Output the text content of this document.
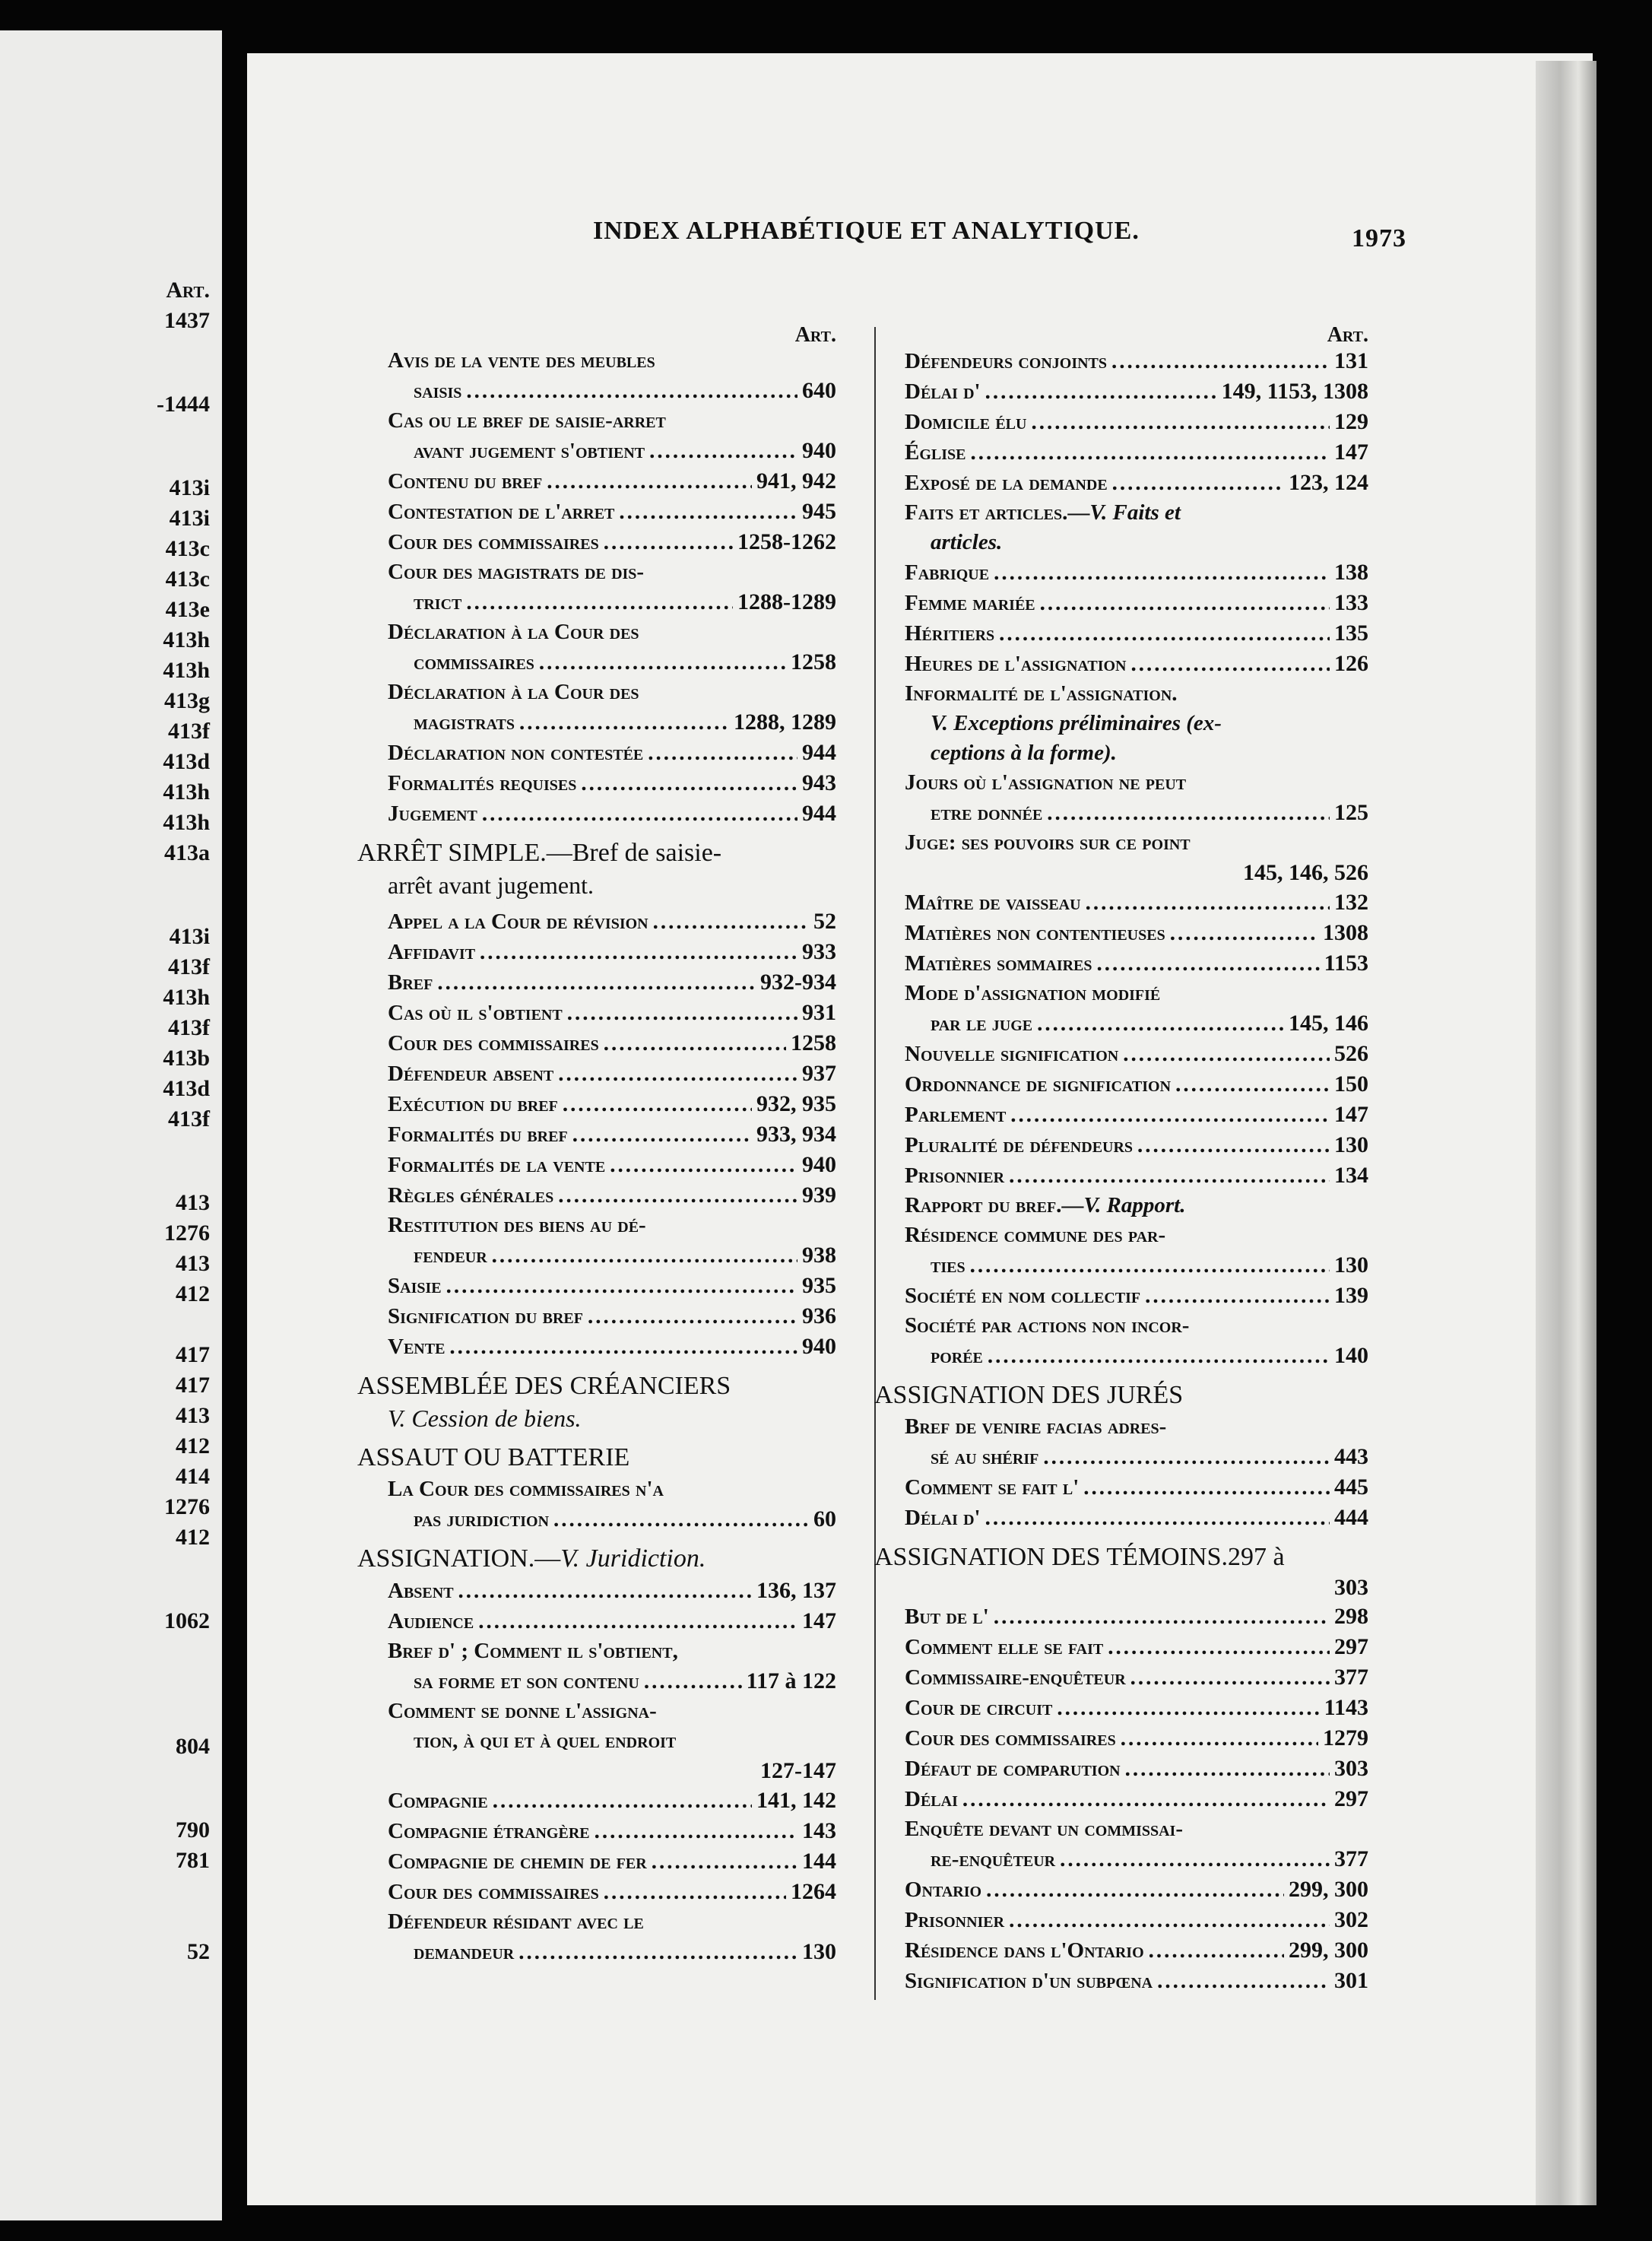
Art.
1437
-1444
413i
413i
413c
413c
413e
413h
413h
413g
413f
413d
413h
413h
413a
413i
413f
413h
413f
413b
413d
413f
413
1276
413
412
417
417
413
412
414
1276
412
1062
804
790
781
52
INDEX ALPHABÉTIQUE ET ANALYTIQUE.	1973
Art.
Avis de la vente des meubles
saisis .....	640
Cas ou le bref de saisie-arret
avant jugement s'obtient .....	940
Contenu du bref .....	941, 942
Contestation de l'arret .....	945
Cour des commissaires .....	1258-1262
Cour des magistrats de dis-
trict .....	1288-1289
Déclaration à la Cour des
commissaires .....	1258
Déclaration à la Cour des
magistrats .....	1288, 1289
Déclaration non contestée .....	944
Formalités requises .....	943
Jugement .....	944
ARRÊT SIMPLE.—Bref de saisie-
arrêt avant jugement.
Appel a la Cour de révision .....	52
Affidavit .....	933
Bref .....	932-934
Cas où il s'obtient .....	931
Cour des commissaires .....	1258
Défendeur absent .....	937
Exécution du bref .....	932, 935
Formalités du bref .....	933, 934
Formalités de la vente .....	940
Règles générales .....	939
Restitution des biens au dé-
fendeur .....	938
Saisie .....	935
Signification du bref .....	936
Vente .....	940
ASSEMBLÉE DES CRÉANCIERS
V. Cession de biens.
ASSAUT OU BATTERIE
La Cour des commissaires n'a
pas juridiction .....	60
ASSIGNATION.—V. Juridiction.
Absent .....	136, 137
Audience .....	147
Bref d' ; Comment il s'obtient,
sa forme et son contenu .....	117 à 122
Comment se donne l'assigna-
tion, à qui et à quel endroit
127-147
Compagnie .....	141, 142
Compagnie étrangère .....	143
Compagnie de chemin de fer .....	144
Cour des commissaires .....	1264
Défendeur résidant avec le
demandeur .....	130
Art.
Défendeurs conjoints .....	131
Délai d' .....	149, 1153, 1308
Domicile élu .....	129
Église .....	147
Exposé de la demande .....	123, 124
Faits et articles.— V. Faits et
articles.
Fabrique .....	138
Femme mariée .....	133
Héritiers .....	135
Heures de l'assignation .....	126
Informalité de l'assignation.
V. Exceptions préliminaires (ex-
ceptions à la forme).
Jours où l'assignation ne peut
etre donnée .....	125
Juge: ses pouvoirs sur ce point
145, 146, 526
Maître de vaisseau .....	132
Matières non contentieuses .....	1308
Matières sommaires .....	1153
Mode d'assignation modifié
par le juge .....	145, 146
Nouvelle signification .....	526
Ordonnance de signification .....	150
Parlement .....	147
Pluralité de défendeurs .....	130
Prisonnier .....	134
Rapport du bref.— V. Rapport.
Résidence commune des par-
ties .....	130
Société en nom collectif .....	139
Société par actions non incor-
porée .....	140
ASSIGNATION DES JURÉS
Bref de venire facias adres-
sé au shérif .....	443
Comment se fait l' .....	445
Délai d' .....	444
ASSIGNATION DES TÉMOINS. 297 à
303
But de l' .....	298
Comment elle se fait .....	297
Commissaire-enquêteur .....	377
Cour de circuit .....	1143
Cour des commissaires .....	1279
Défaut de comparution .....	303
Délai .....	297
Enquête devant un commissai-
re-enquêteur .....	377
Ontario .....	299, 300
Prisonnier .....	302
Résidence dans l'Ontario .....	299, 300
Signification d'un subpœna .....	301
